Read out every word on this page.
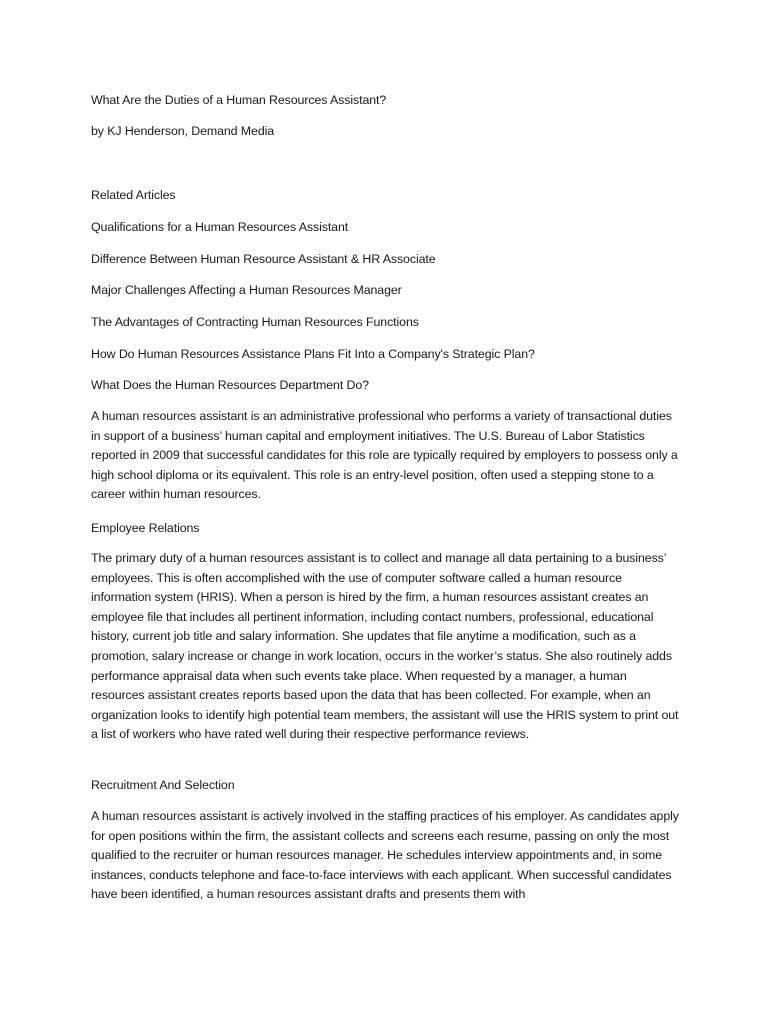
What Are the Duties of a Human Resources Assistant?
by KJ Henderson, Demand Media
Related Articles
Qualifications for a Human Resources Assistant
Difference Between Human Resource Assistant & HR Associate
Major Challenges Affecting a Human Resources Manager
The Advantages of Contracting Human Resources Functions
How Do Human Resources Assistance Plans Fit Into a Company's Strategic Plan?
What Does the Human Resources Department Do?
A human resources assistant is an administrative professional who performs a variety of transactional duties in support of a business’ human capital and employment initiatives. The U.S. Bureau of Labor Statistics reported in 2009 that successful candidates for this role are typically required by employers to possess only a high school diploma or its equivalent. This role is an entry-level position, often used a stepping stone to a career within human resources.
Employee Relations
The primary duty of a human resources assistant is to collect and manage all data pertaining to a business’ employees. This is often accomplished with the use of computer software called a human resource information system (HRIS). When a person is hired by the firm, a human resources assistant creates an employee file that includes all pertinent information, including contact numbers, professional, educational history, current job title and salary information. She updates that file anytime a modification, such as a promotion, salary increase or change in work location, occurs in the worker’s status. She also routinely adds performance appraisal data when such events take place. When requested by a manager, a human resources assistant creates reports based upon the data that has been collected. For example, when an organization looks to identify high potential team members, the assistant will use the HRIS system to print out a list of workers who have rated well during their respective performance reviews.
Recruitment And Selection
A human resources assistant is actively involved in the staffing practices of his employer. As candidates apply for open positions within the firm, the assistant collects and screens each resume, passing on only the most qualified to the recruiter or human resources manager. He schedules interview appointments and, in some instances, conducts telephone and face-to-face interviews with each applicant. When successful candidates have been identified, a human resources assistant drafts and presents them with
